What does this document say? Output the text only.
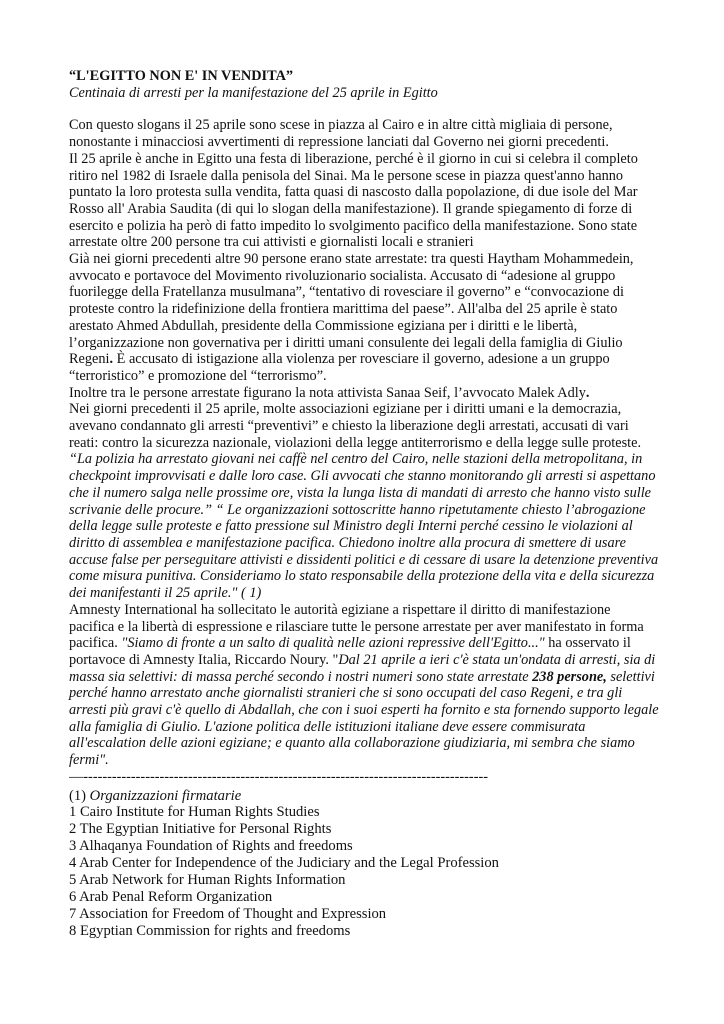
“L'EGITTO NON E' IN VENDITA”

Centinaia di arresti per la manifestazione del 25 aprile in Egitto

Con questo slogans il 25 aprile sono scese in piazza al Cairo e in altre città migliaia di persone, nonostante i minacciosi avvertimenti di repressione lanciati dal Governo nei giorni precedenti.

Il 25 aprile è anche in Egitto una festa di liberazione, perché è il giorno in cui si celebra il completo ritiro nel 1982 di Israele dalla penisola del Sinai. Ma le persone scese in piazza quest'anno hanno puntato la loro protesta sulla vendita, fatta quasi di nascosto dalla popolazione, di due isole del Mar Rosso all' Arabia Saudita (di qui lo slogan della manifestazione). Il grande spiegamento di forze di esercito e polizia ha però di fatto impedito lo svolgimento pacifico della manifestazione. Sono state arrestate oltre 200 persone tra cui attivisti e giornalisti locali e stranieri

Già nei giorni precedenti altre 90 persone erano state arrestate: tra questi Haytham Mohammedein, avvocato e portavoce del Movimento rivoluzionario socialista. Accusato di “adesione al gruppo fuorilegge della Fratellanza musulmana”, “tentativo di rovesciare il governo” e “convocazione di proteste contro la ridefinizione della frontiera marittima del paese”. All'alba del 25 aprile è stato arestato Ahmed Abdullah, presidente della Commissione egiziana per i diritti e le libertà, l’organizzazione non governativa per i diritti umani consulente dei legali della famiglia di Giulio Regeni. È accusato di istigazione alla violenza per rovesciare il governo, adesione a un gruppo “terroristico” e promozione del “terrorismo”.

Inoltre tra le persone arrestate figurano la nota attivista Sanaa Seif, l’avvocato Malek Adly.

Nei giorni precedenti il 25 aprile, molte associazioni egiziane per i diritti umani e la democrazia, avevano condannato gli arresti “preventivi” e chiesto la liberazione degli arrestati, accusati di vari reati: contro la sicurezza nazionale, violazioni della legge antiterrorismo e della legge sulle proteste.

“La polizia ha arrestato giovani nei caffè nel centro del Cairo, nelle stazioni della metropolitana, in checkpoint improvvisati e dalle loro case. Gli avvocati che stanno monitorando gli arresti si aspettano che il numero salga nelle prossime ore, vista la lunga lista di mandati di arresto che hanno visto sulle scrivanie delle procure.” “ Le organizzazioni sottoscritte hanno ripetutamente chiesto l’abrogazione della legge sulle proteste e fatto pressione sul Ministro degli Interni perché cessino le violazioni al diritto di assemblea e manifestazione pacifica. Chiedono inoltre alla procura di smettere di usare accuse false per perseguitare attivisti e dissidenti politici e di cessare di usare la detenzione preventiva come misura punitiva. Consideriamo lo stato responsabile della protezione della vita e della sicurezza dei manifestanti il 25 aprile." ( 1)

Amnesty International ha sollecitato le autorità egiziane a rispettare il diritto di manifestazione pacifica e la libertà di espressione e rilasciare tutte le persone arrestate per aver manifestato in forma pacifica. "Siamo di fronte a un salto di qualità nelle azioni repressive dell'Egitto..." ha osservato il portavoce di Amnesty Italia, Riccardo Noury. "Dal 21 aprile a ieri c'è stata un'ondata di arresti, sia di massa sia selettivi: di massa perché secondo i nostri numeri sono state arrestate 238 persone, selettivi perché hanno arrestato anche giornalisti stranieri che si sono occupati del caso Regeni, e tra gli arresti più gravi c'è quello di Abdallah, che con i suoi esperti ha fornito e sta fornendo supporto legale alla famiglia di Giulio. L'azione politica delle istituzioni italiane deve essere commisurata all'escalation delle azioni egiziane; e quanto alla collaborazione giudiziaria, mi sembra che siamo fermi".

—-------------------------------------------------------------------------------------

(1) Organizzazioni firmatarie
1 Cairo Institute for Human Rights Studies
2 The Egyptian Initiative for Personal Rights
3 Alhaqanya Foundation of Rights and freedoms
4 Arab Center for Independence of the Judiciary and the Legal Profession
5 Arab Network for Human Rights Information
6 Arab Penal Reform Organization
7 Association for Freedom of Thought and Expression
8 Egyptian Commission for rights and freedoms
